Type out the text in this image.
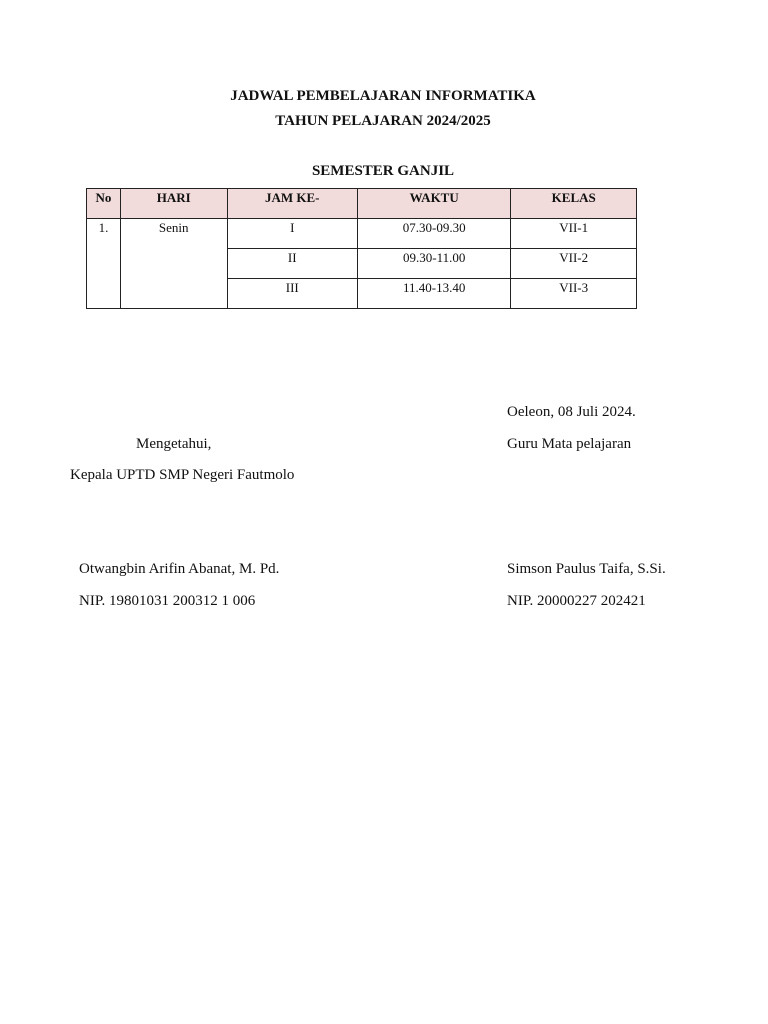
JADWAL PEMBELAJARAN INFORMATIKA
TAHUN PELAJARAN 2024/2025
SEMESTER GANJIL
No	HARI	JAM KE-	WAKTU	KELAS
1.	Senin	I	07.30-09.30	VII-1
		II	09.30-11.00	VII-2
		III	11.40-13.40	VII-3
Oeleon, 08 Juli 2024.
Mengetahui,	Guru Mata pelajaran
Kepala UPTD SMP Negeri Fautmolo
Otwangbin Arifin Abanat, M. Pd.
NIP. 19801031 200312 1 006
Simson Paulus Taifa, S.Si.
NIP. 20000227 202421
